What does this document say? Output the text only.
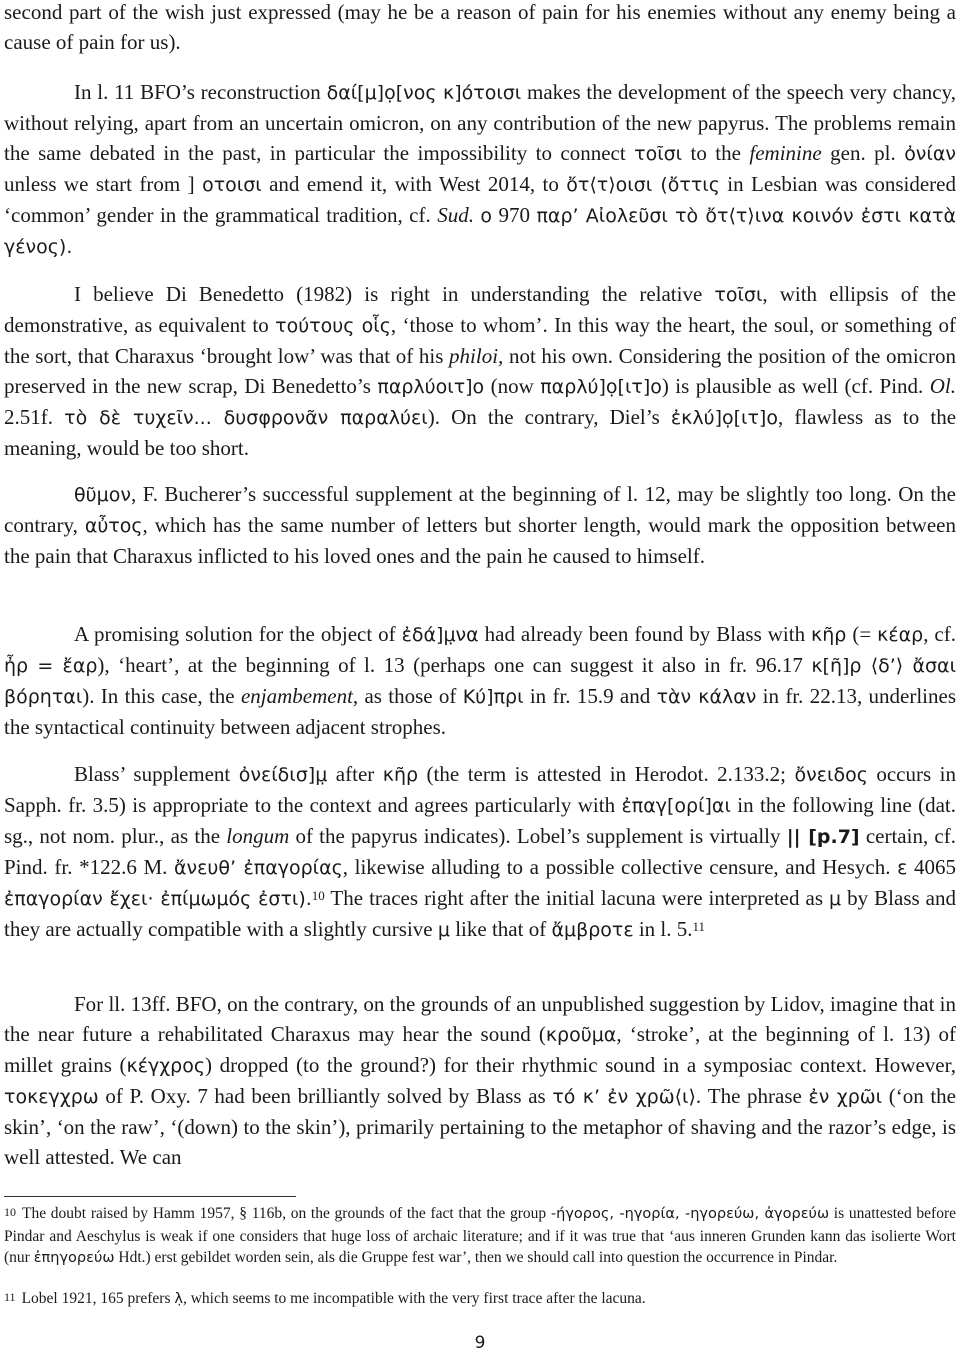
second part of the wish just expressed (may he be a reason of pain for his enemies without any enemy being a cause of pain for us).

In l. 11 BFO’s reconstruction δαί[μ]ọ[νος κ]ότοισι makes the development of the speech very chancy, without relying, apart from an uncertain omicron, on any contribution of the new papyrus. The problems remain the same debated in the past, in particular the impossibility to connect τοῖσι to the feminine gen. pl. ὀνίαν unless we start from ] οτοισι and emend it, with West 2014, to ὄτ⟨τ⟩οισι (ὄττις in Lesbian was considered ‘common’ gender in the grammatical tradition, cf. Sud. ο 970 παρ’ Αἰολεῦσι τὸ ὄτ⟨τ⟩ινα κοινόν ἐστι κατὰ γένος).

I believe Di Benedetto (1982) is right in understanding the relative τοῖσι, with ellipsis of the demonstrative, as equivalent to τούτους οἷς, ‘those to whom’. In this way the heart, the soul, or something of the sort, that Charaxus ‘brought low’ was that of his philoi, not his own. Considering the position of the omicron preserved in the new scrap, Di Benedetto’s παρλύοιτ]ο (now παρλύ]ọ[ιτ]ο) is plausible as well (cf. Pind. Ol. 2.51f. τὸ δὲ τυχεῖν... δυσφρονᾶν παραλύει). On the contrary, Diel’s ἐκλύ]ọ[ιτ]ο, flawless as to the meaning, would be too short.

θῦμον, F. Bucherer’s successful supplement at the beginning of l. 12, may be slightly too long. On the contrary, αὖτος, which has the same number of letters but shorter length, would mark the opposition between the pain that Charaxus inflicted to his loved ones and the pain he caused to himself.

A promising solution for the object of ἐδά]μ̣να had already been found by Blass with κῆρ (= κέαρ, cf. ἦρ = ἔαρ), ‘heart’, at the beginning of l. 13 (perhaps one can suggest it also in fr. 96.17 κ[ῆ]ρ ⟨δ’⟩ ἄσαι βόρηται). In this case, the enjambement, as those of Κύ]πρι in fr. 15.9 and τὰν κάλαν in fr. 22.13, underlines the syntactical continuity between adjacent strophes.

Blass’ supplement ὀνείδισ]μ̣ after κῆρ (the term is attested in Herodot. 2.133.2; ὄνειδος occurs in Sapph. fr. 3.5) is appropriate to the context and agrees particularly with ἐπαγ[ορί]αι in the following line (dat. sg., not nom. plur., as the longum of the papyrus indicates). Lobel’s supplement is virtually || [p.7] certain, cf. Pind. fr. *122.6 M. ἄνευθ’ ἐπαγορίας, likewise alluding to a possible collective censure, and Hesych. ε 4065 ἐπαγορίαν ἔχει· ἐπίμωμός ἐστι).$^{10}$ The traces right after the initial lacuna were interpreted as μ by Blass and they are actually compatible with a slightly cursive μ like that of ἄμβροτε in l. 5.11

For ll. 13ff. BFO, on the contrary, on the grounds of an unpublished suggestion by Lidov, imagine that in the near future a rehabilitated Charaxus may hear the sound (κροῦμα, ‘stroke’, at the beginning of l. 13) of millet grains (κέγχρος) dropped (to the ground?) for their rhythmic sound in a symposiac context. However, τοκεγχρω of P. Oxy. 7 had been brilliantly solved by Blass as τό κ’ ἐν χρῶ⟨ι⟩. The phrase ἐν χρῶι (‘on the skin’, ‘on the raw’, ‘(down) to the skin’), primarily pertaining to the metaphor of shaving and the razor’s edge, is well attested. We can

$^{10}$ The doubt raised by Hamm 1957, § 116b, on the grounds of the fact that the group -ήγορος, -ηγορία, -ηγορεύω, ἀγορεύω is unattested before Pindar and Aeschylus is weak if one considers that huge loss of archaic literature; and if it was true that ‘aus inneren Grunden kann das isolierte Wort (nur ἐπηγορεύω Hdt.) erst gebildet worden sein, als die Gruppe fest war’, then we should call into question the occurrence in Pindar.

$^{11}$ Lobel 1921, 165 prefers λ̣, which seems to me incompatible with the very first trace after the lacuna.

9
